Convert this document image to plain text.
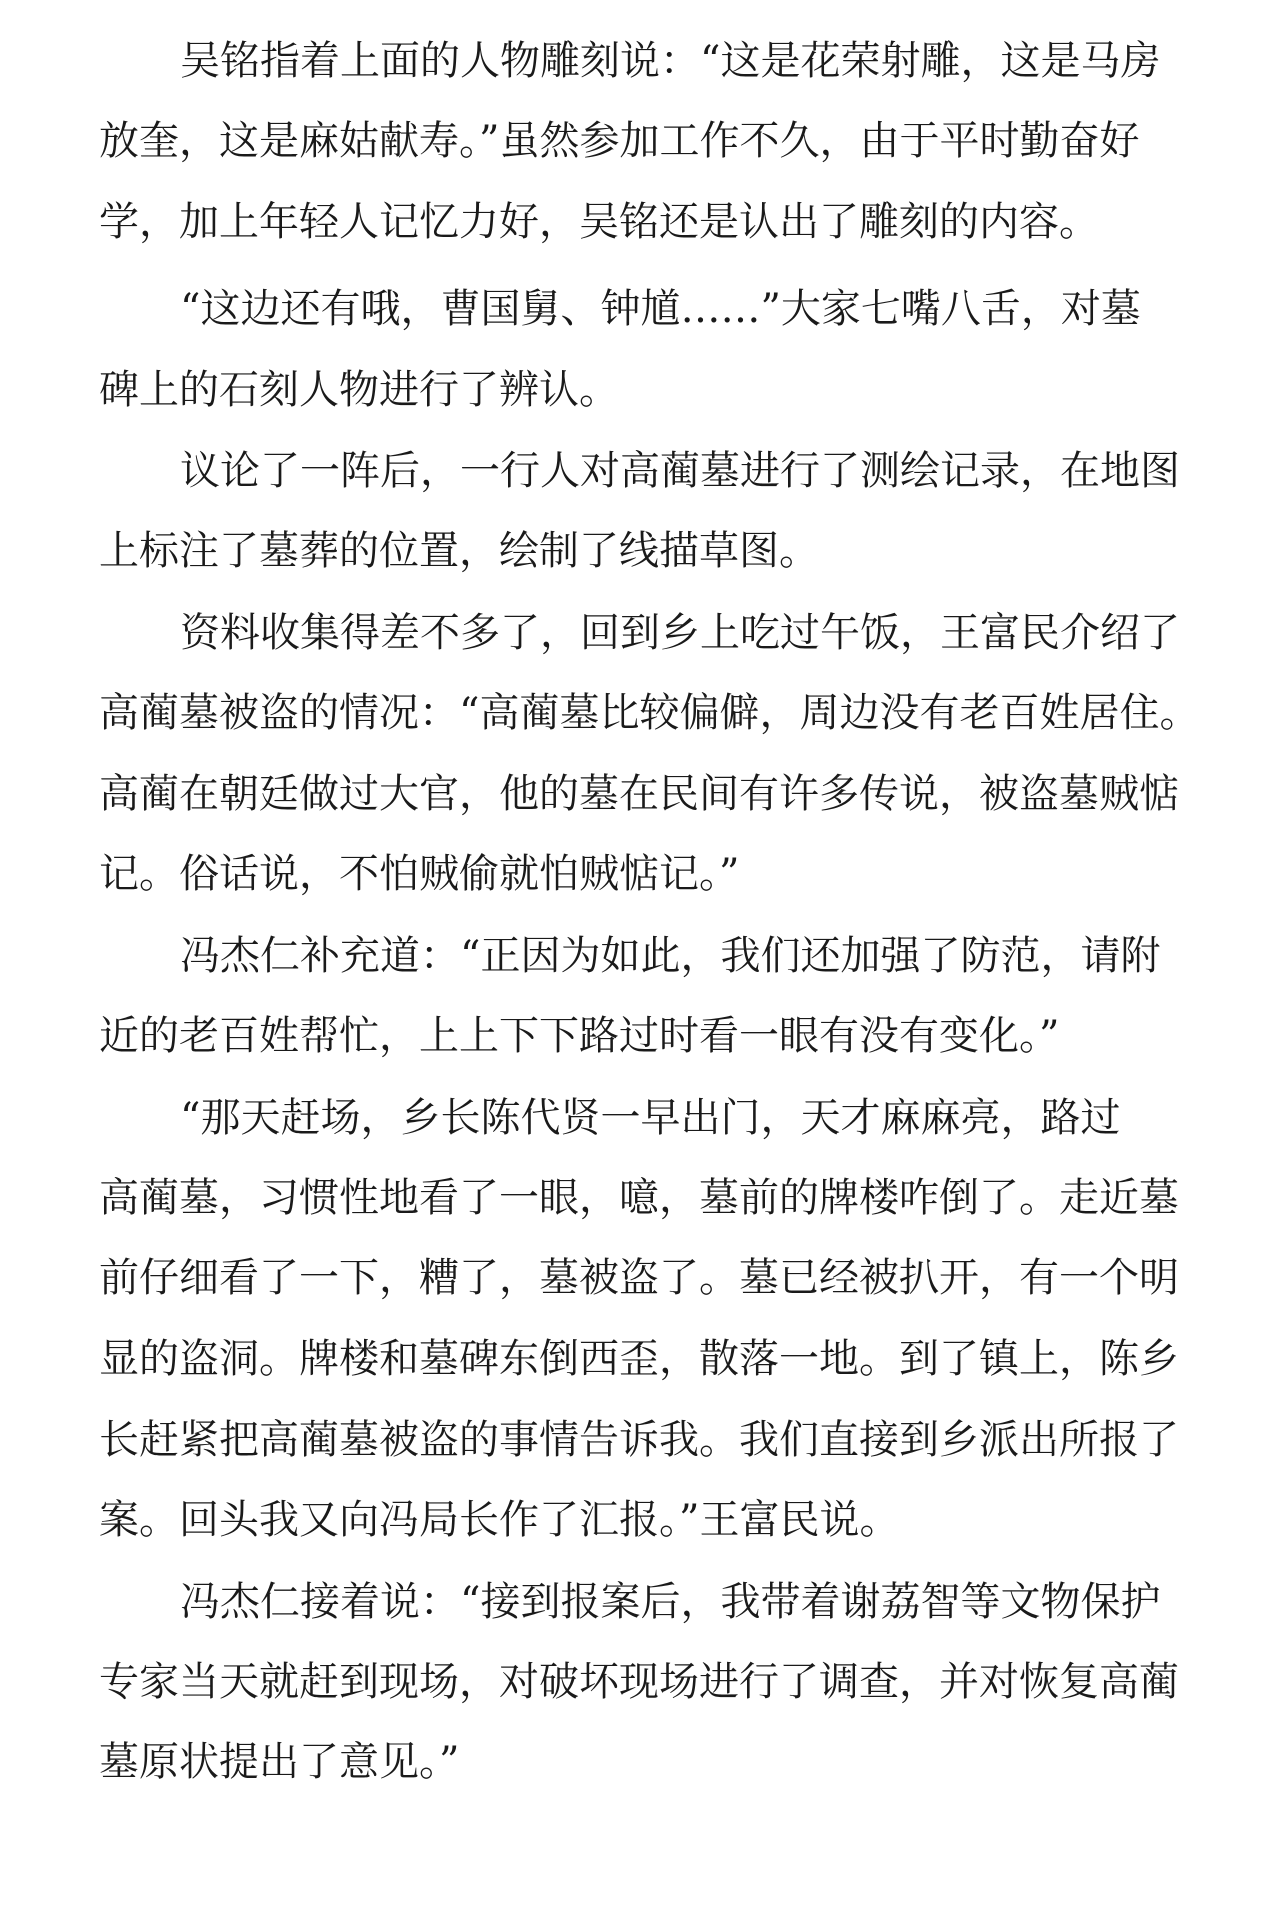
吴铭指着上面的人物雕刻说：“这是花荣射雕，这是马房
放奎，这是麻姑献寿。”虽然参加工作不久，由于平时勤奋好
学，加上年轻人记忆力好，吴铭还是认出了雕刻的内容。
“这边还有哦，曹国舅、钟馗……”大家七嘴八舌，对墓
碑上的石刻人物进行了辨认。
议论了一阵后，一行人对高蔺墓进行了测绘记录，在地图
上标注了墓葬的位置，绘制了线描草图。
资料收集得差不多了，回到乡上吃过午饭，王富民介绍了
高蔺墓被盗的情况：“高蔺墓比较偏僻，周边没有老百姓居住。
高蔺在朝廷做过大官，他的墓在民间有许多传说，被盗墓贼惦
记。俗话说，不怕贼偷就怕贼惦记。”
冯杰仁补充道：“正因为如此，我们还加强了防范，请附
近的老百姓帮忙，上上下下路过时看一眼有没有变化。”
“那天赶场，乡长陈代贤一早出门，天才麻麻亮，路过
高蔺墓，习惯性地看了一眼，噫，墓前的牌楼咋倒了。走近墓
前仔细看了一下，糟了，墓被盗了。墓已经被扒开，有一个明
显的盗洞。牌楼和墓碑东倒西歪，散落一地。到了镇上，陈乡
长赶紧把高蔺墓被盗的事情告诉我。我们直接到乡派出所报了
案。回头我又向冯局长作了汇报。”王富民说。
冯杰仁接着说：“接到报案后，我带着谢荔智等文物保护
专家当天就赶到现场，对破坏现场进行了调查，并对恢复高蔺
墓原状提出了意见。”
